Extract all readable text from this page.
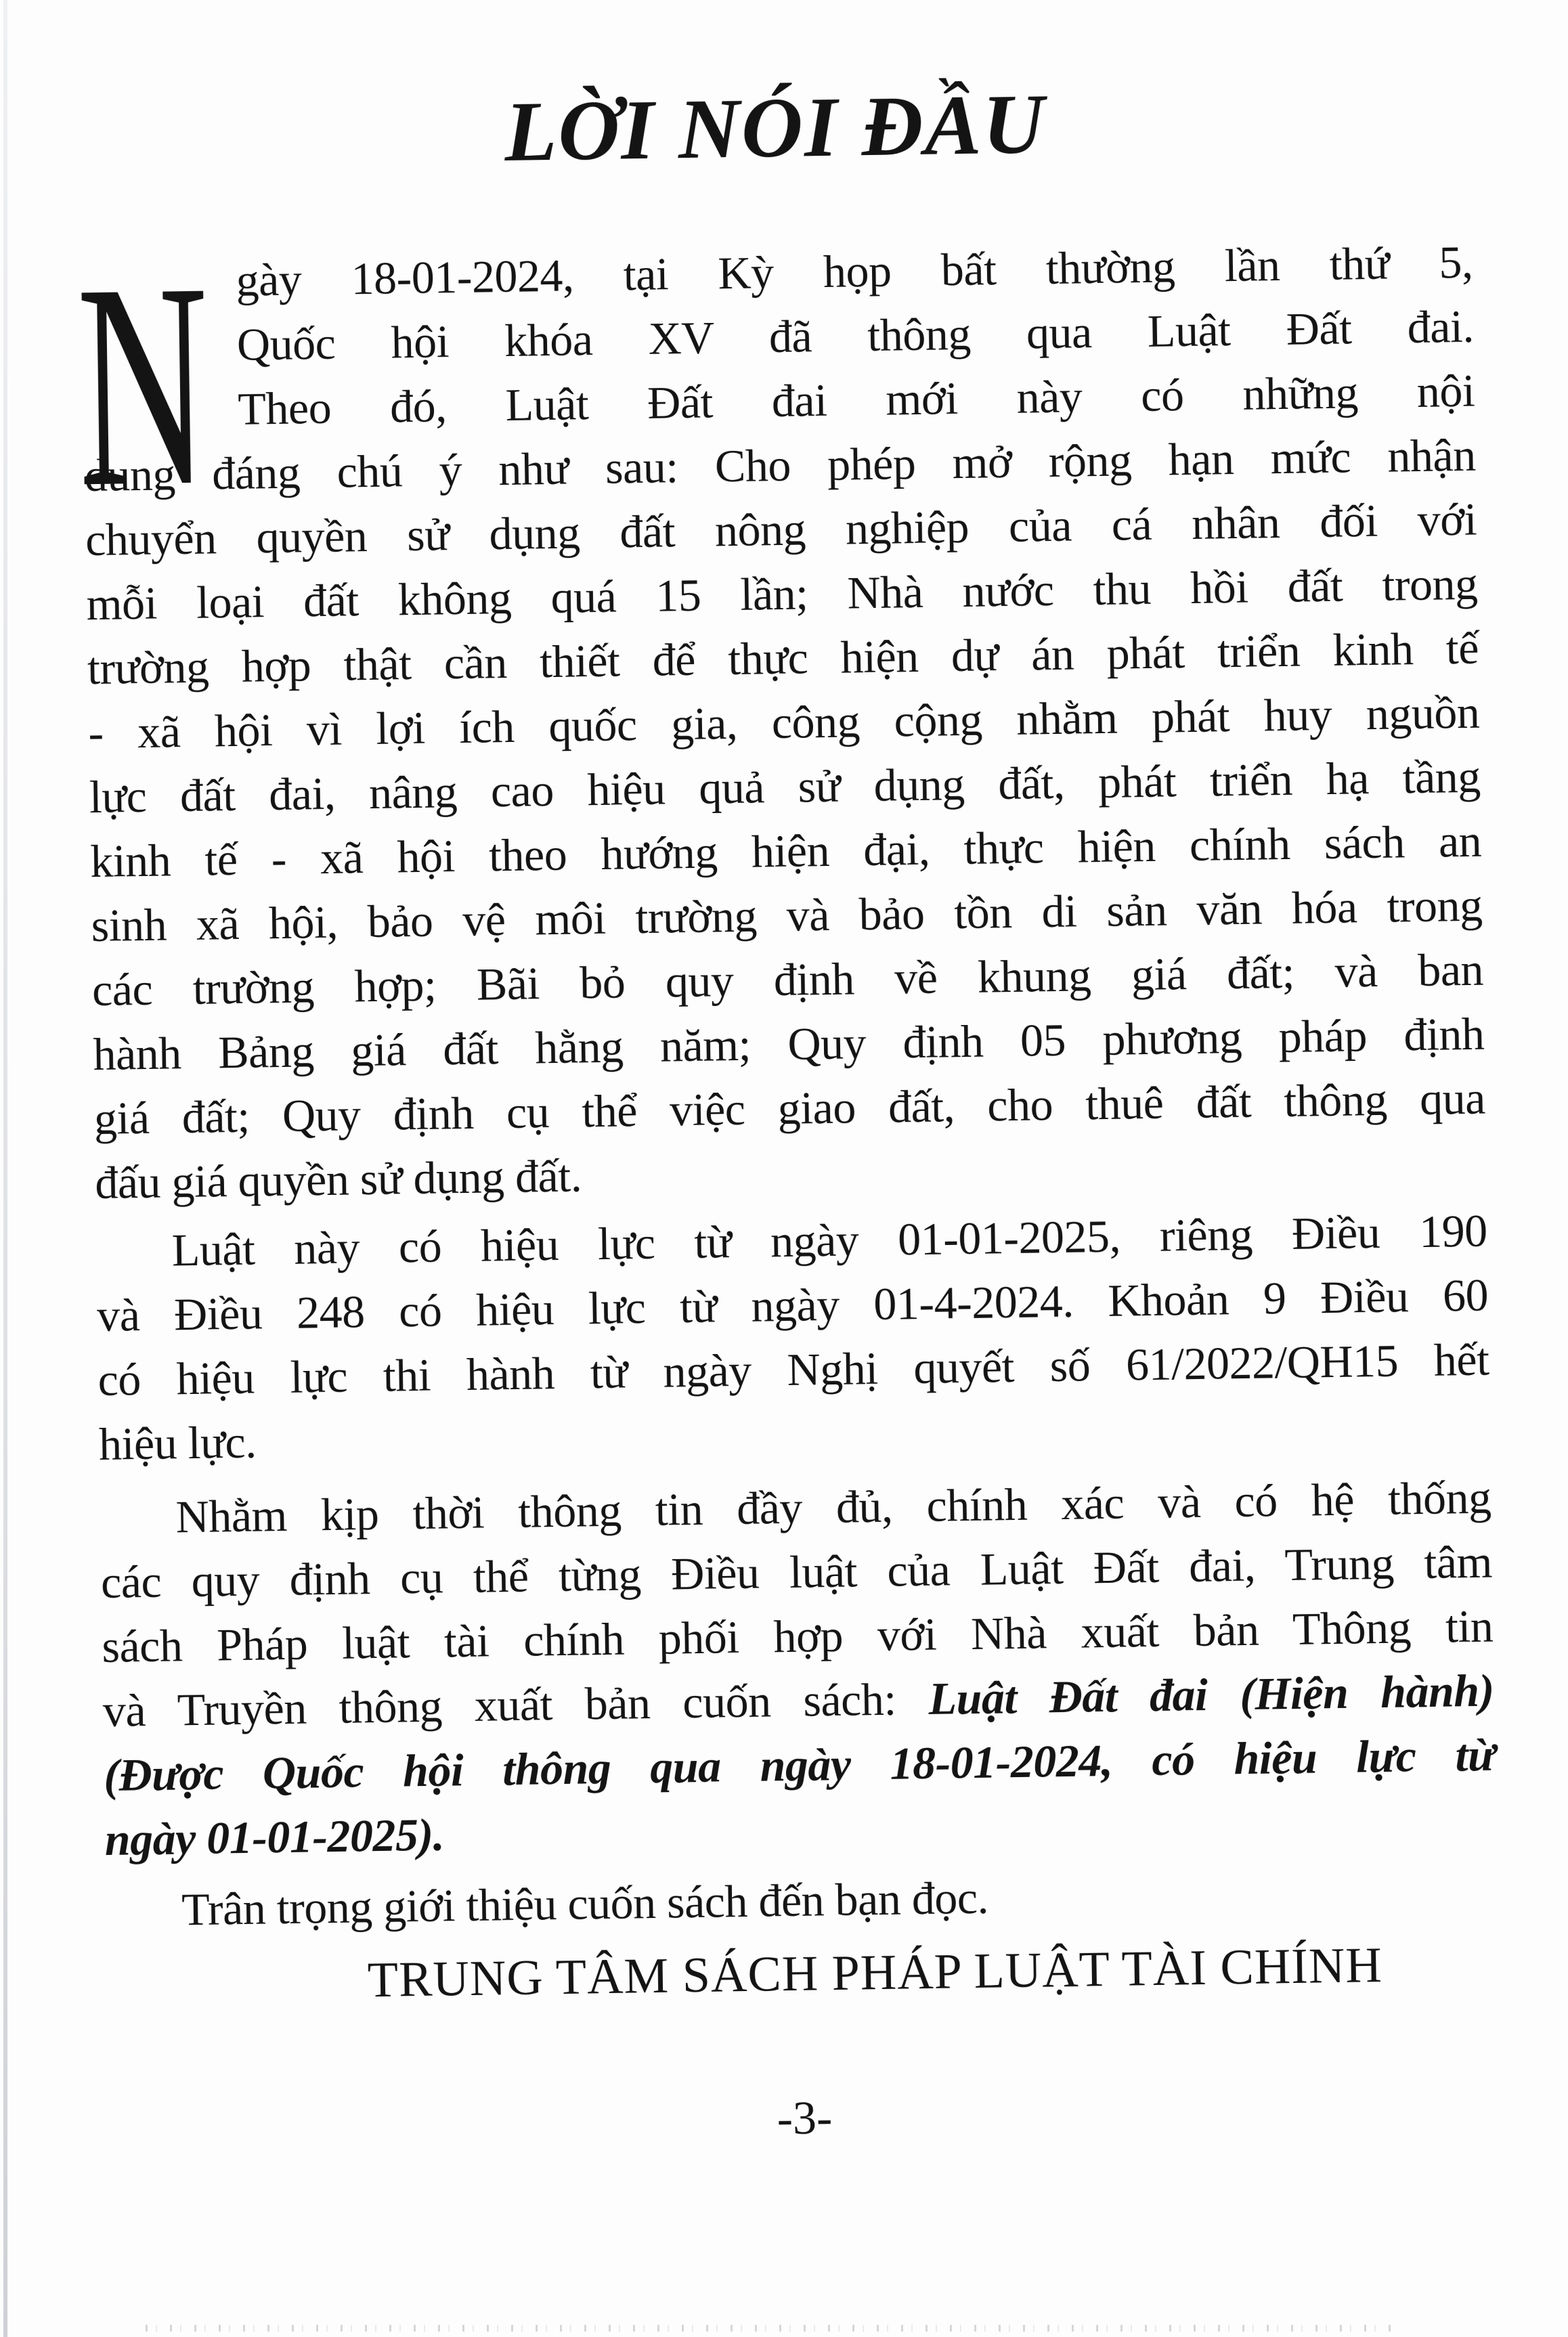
LỜI NÓI ĐẦU
N gày 18-01-2024, tại Kỳ họp bất thường lần thứ 5,
Quốc hội khóa XV đã thông qua Luật Đất đai.
Theo đó, Luật Đất đai mới này có những nội
dung đáng chú ý như sau: Cho phép mở rộng hạn mức nhận
chuyển quyền sử dụng đất nông nghiệp của cá nhân đối với
mỗi loại đất không quá 15 lần; Nhà nước thu hồi đất trong
trường hợp thật cần thiết để thực hiện dự án phát triển kinh tế
- xã hội vì lợi ích quốc gia, công cộng nhằm phát huy nguồn
lực đất đai, nâng cao hiệu quả sử dụng đất, phát triển hạ tầng
kinh tế - xã hội theo hướng hiện đại, thực hiện chính sách an
sinh xã hội, bảo vệ môi trường và bảo tồn di sản văn hóa trong
các trường hợp; Bãi bỏ quy định về khung giá đất; và ban
hành Bảng giá đất hằng năm; Quy định 05 phương pháp định
giá đất; Quy định cụ thể việc giao đất, cho thuê đất thông qua
đấu giá quyền sử dụng đất.
Luật này có hiệu lực từ ngày 01-01-2025, riêng Điều 190
và Điều 248 có hiệu lực từ ngày 01-4-2024. Khoản 9 Điều 60
có hiệu lực thi hành từ ngày Nghị quyết số 61/2022/QH15 hết
hiệu lực.
Nhằm kịp thời thông tin đầy đủ, chính xác và có hệ thống
các quy định cụ thể từng Điều luật của Luật Đất đai, Trung tâm
sách Pháp luật tài chính phối hợp với Nhà xuất bản Thông tin
và Truyền thông xuất bản cuốn sách: Luật Đất đai (Hiện hành)
(Được Quốc hội thông qua ngày 18-01-2024, có hiệu lực từ
ngày 01-01-2025).
Trân trọng giới thiệu cuốn sách đến bạn đọc.
TRUNG TÂM SÁCH PHÁP LUẬT TÀI CHÍNH
-3-
